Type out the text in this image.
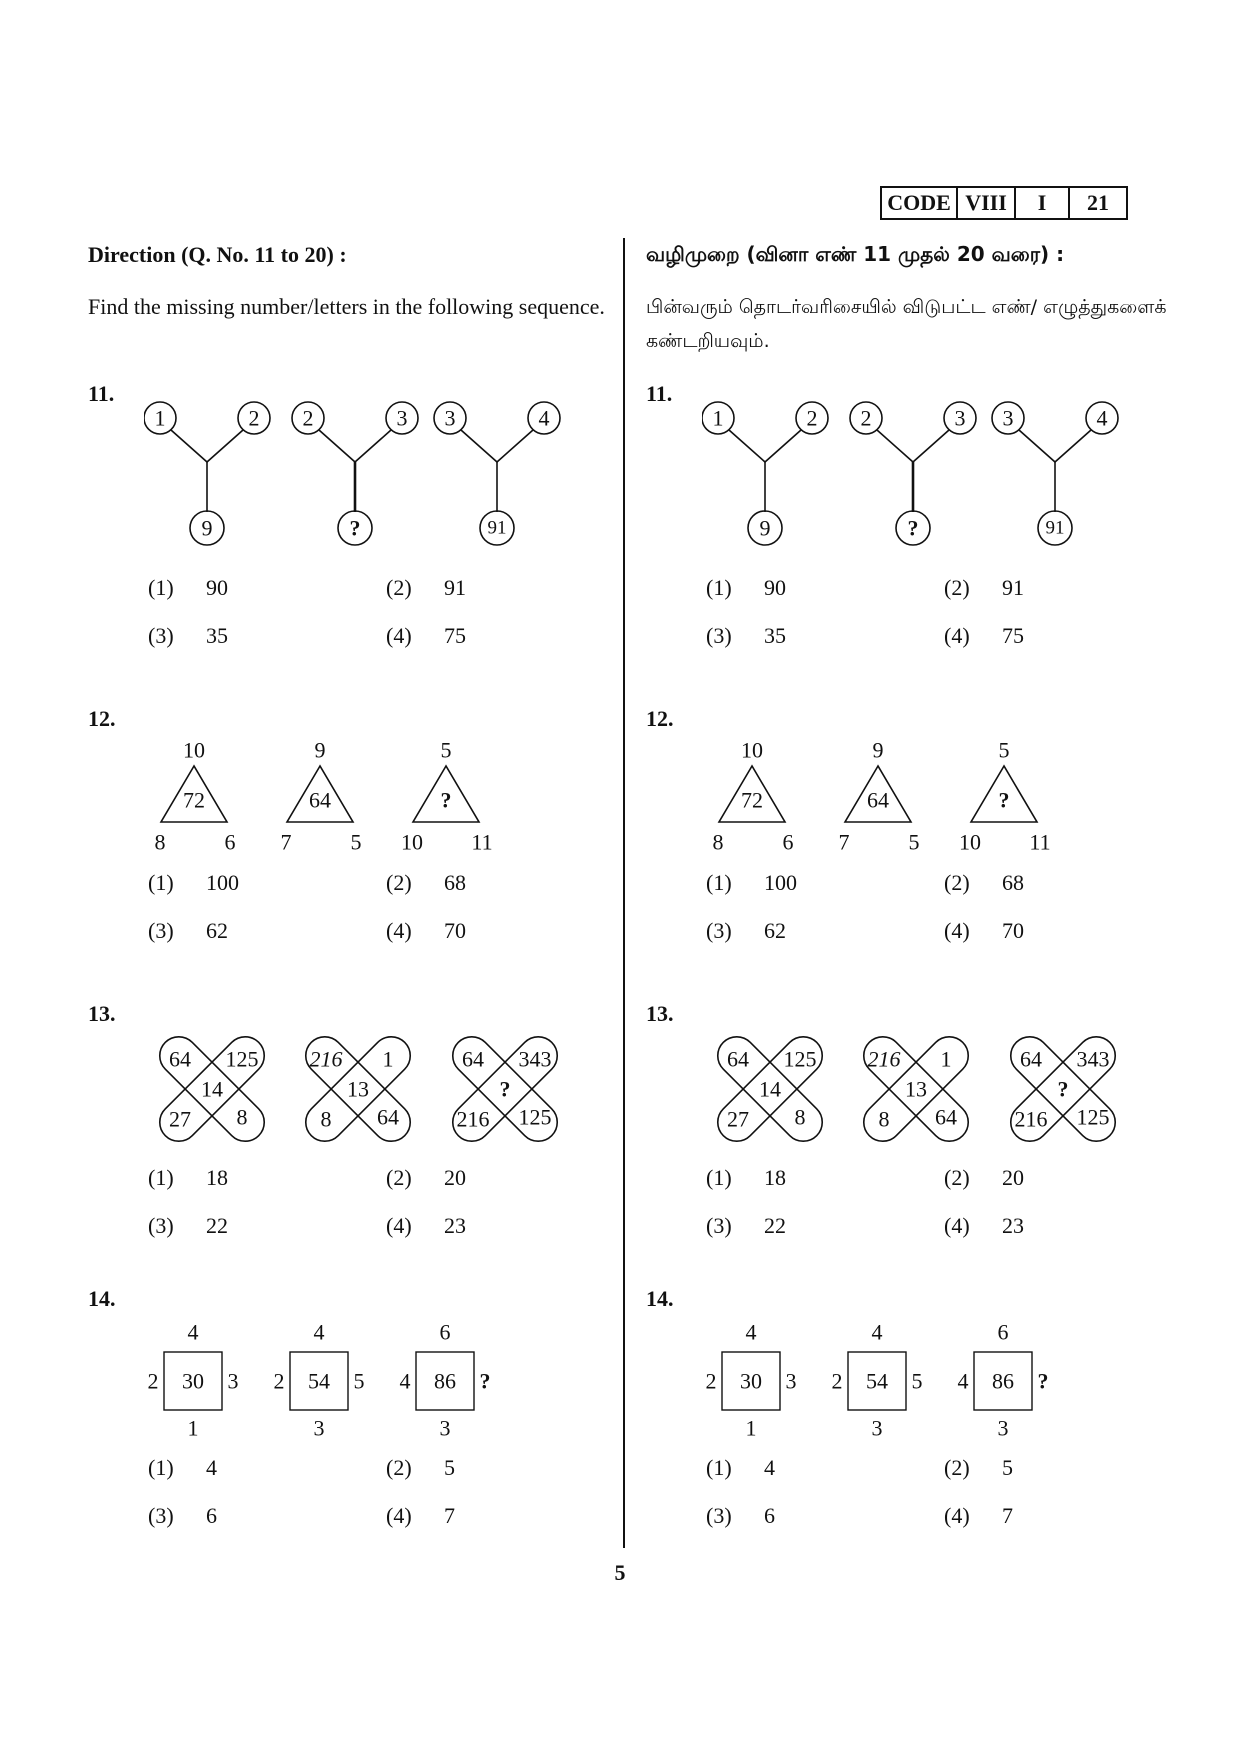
CODE VIII	I	21
Direction (Q. No. 11 to 20) :
Find the missing number/letters in the following sequence.
11.
1	2
9
2	3
?
3	4
91
(1) 90	(2) 91
(3) 35	(4) 75
12.
10
72
8	6
9
64
7	5
5
?
10 11
(1) 100	(2) 68
(3) 62	(4) 70
13.
64 125
14
27 8
216 1
13
8 64
64 343
?
216 125
(1) 18	(2) 20
(3) 22	(4) 23
14.
4
30
2	3
1
4
54
2	5
3
6
86
4	?
3
(1) 4	(2) 5
(3) 6	(4) 7
வழிமுறை (வினா எண் 11 முதல் 20 வரை) :
பின்வரும் தொடர்வரிசையில் விடுபட்ட எண்/ எழுத்துகளைக் கண்டறியவும்.
11.
1	2
9
2	3
?
3	4
91
(1) 90	(2) 91
(3) 35	(4) 75
12.
10
72
8	6
9
64
7	5
5
?
10 11
(1) 100	(2) 68
(3) 62	(4) 70
13.
64 125
14
27 8
216 1
13
8 64
64 343
?
216 125
(1) 18	(2) 20
(3) 22	(4) 23
14.
4
30
2	3
1
4
54
2	5
3
6
86
4	?
3
(1) 4	(2) 5
(3) 6	(4) 7
5
